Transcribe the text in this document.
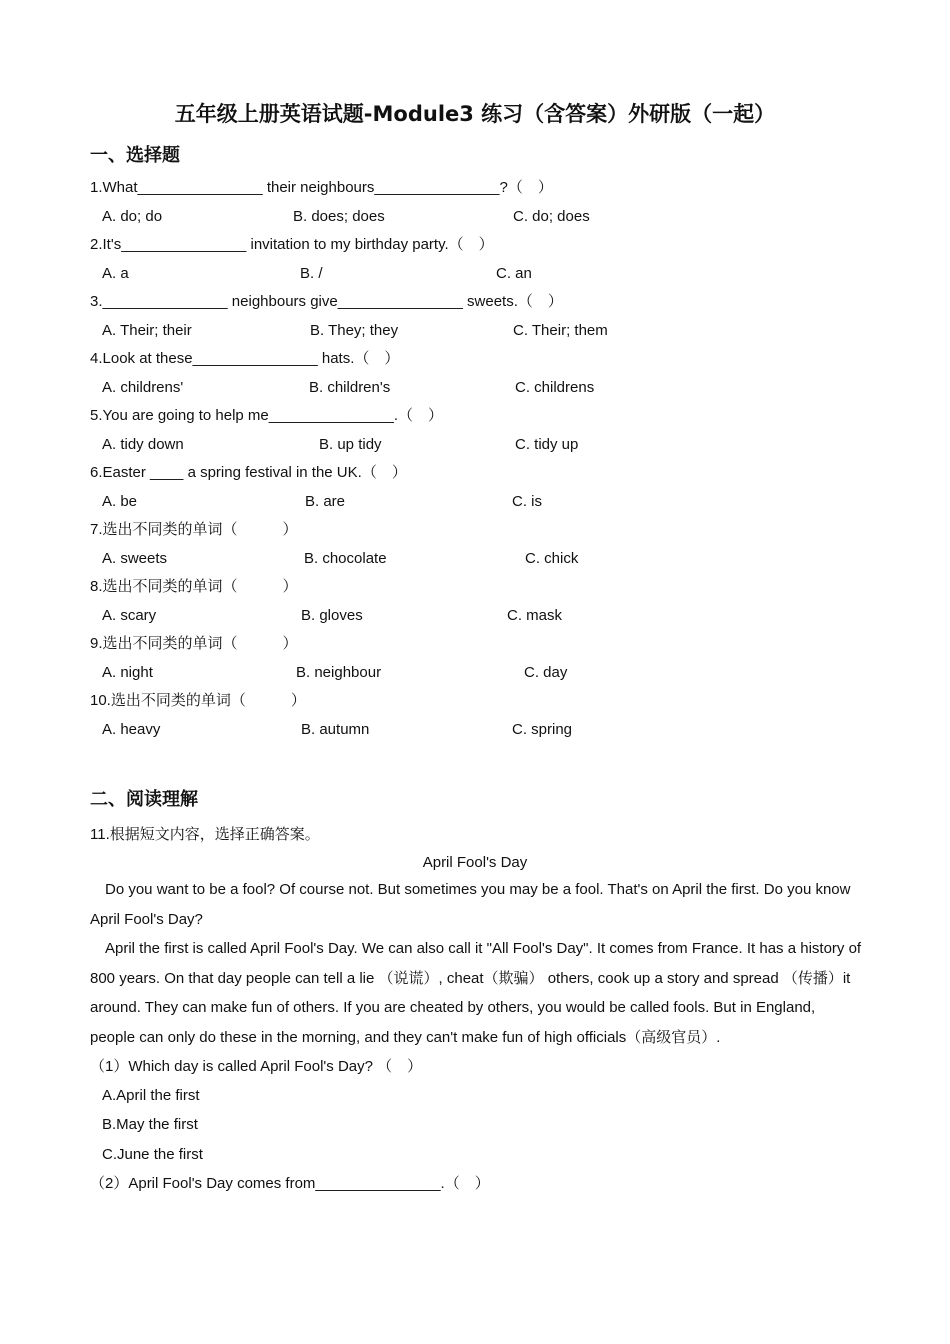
五年级上册英语试题-Module3 练习（含答案）外研版（一起）
一、选择题
1.What_______________ their neighbours_______________?（　）
A. do; do	B. does; does	C. do; does
2.It's_______________ invitation to my birthday party.（　）
A. a	B. /	C. an
3._______________ neighbours give_______________ sweets.（　）
A. Their; their	B. They; they	C. Their; them
4.Look at these_______________ hats.（　）
A. childrens'	B. children's	C. childrens
5.You are going to help me_______________.（　）
A. tidy down	B. up tidy	C. tidy up
6.Easter ____ a spring festival in the UK.（　）
A. be	B. are	C. is
7.选出不同类的单词（　　　）
A. sweets	B. chocolate	C. chick
8.选出不同类的单词（　　　）
A. scary	B. gloves	C. mask
9.选出不同类的单词（　　　）
A. night	B. neighbour	C. day
10.选出不同类的单词（　　　）
A. heavy	B. autumn	C. spring
二、阅读理解
11.根据短文内容，选择正确答案。
April Fool's Day
Do you want to be a fool? Of course not. But sometimes you may be a fool. That's on April the first. Do you know April Fool's Day?
April the first is called April Fool's Day. We can also call it "All Fool's Day". It comes from France. It has a history of 800 years. On that day people can tell a lie （说谎）, cheat（欺骗） others, cook up a story and spread （传播）it around. They can make fun of others. If you are cheated by others, you would be called fools. But in England, people can only do these in the morning, and they can't make fun of high officials（高级官员）.
（1）Which day is called April Fool's Day? （　）
A.April the first
B.May the first
C.June the first
（2）April Fool's Day comes from_______________.（　）
